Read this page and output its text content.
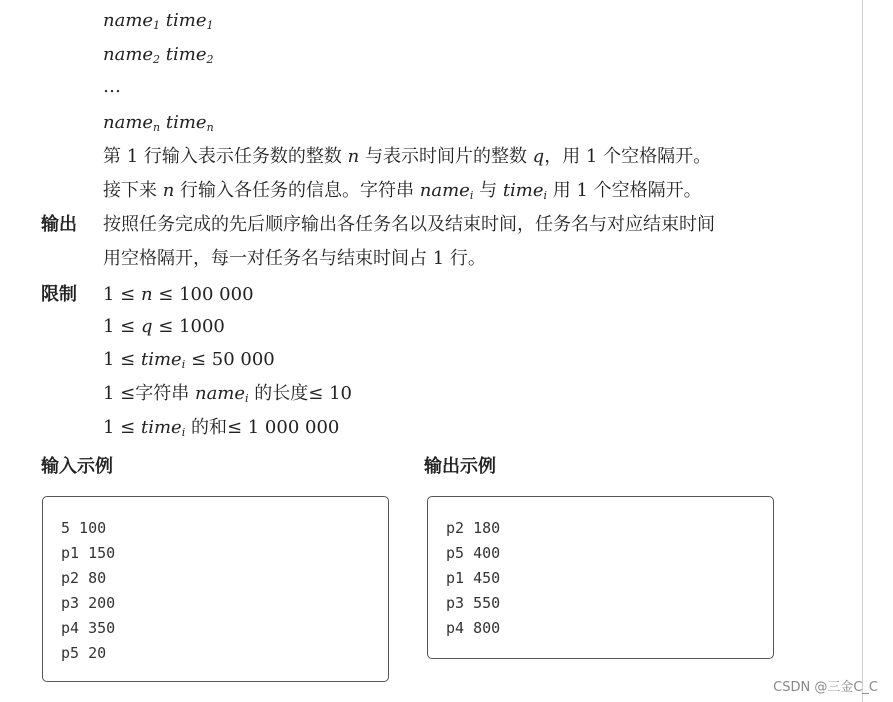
name$_1$ time$_1$
name$_2$ time$_2$
…
name$_n$ time$_n$
第 1 行输入表示任务数的整数 n 与表示时间片的整数 q，用 1 个空格隔开。
接下来 n 行输入各任务的信息。字符串 name$_i$ 与 time$_i$ 用 1 个空格隔开。
输出 按照任务完成的先后顺序输出各任务名以及结束时间，任务名与对应结束时间
用空格隔开，每一对任务名与结束时间占 1 行。
限制 1 ≤ n ≤ 100 000
1 ≤ q ≤ 1000
1 ≤ time$_i$ ≤ 50 000
1 ≤字符串 name$_i$ 的长度≤ 10
1 ≤ time$_i$ 的和≤ 1 000 000
输入示例
5 100
p1 150
p2 80
p3 200
p4 350
p5 20
输出示例
p2 180
p5 400
p1 450
p3 550
p4 800
CSDN @三金C_C
